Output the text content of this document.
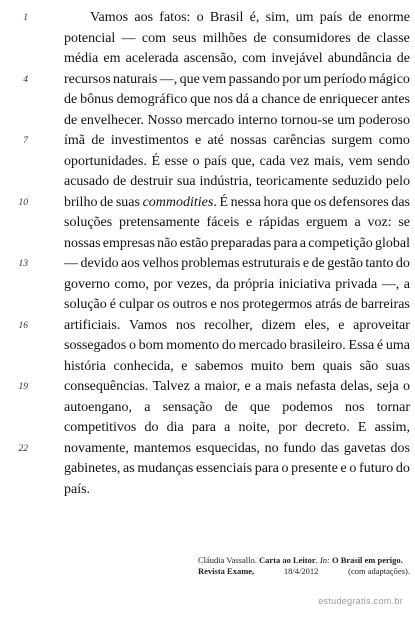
1	Vamos aos fatos: o Brasil é, sim, um país de enorme
potencial — com seus milhões de consumidores de classe
média em acelerada ascensão, com invejável abundância de
4	recursos naturais —, que vem passando por um período mágico
de bônus demográfico que nos dá a chance de enriquecer antes
de envelhecer. Nosso mercado interno tornou-se um poderoso
7	ímã de investimentos e até nossas carências surgem como
oportunidades. É esse o país que, cada vez mais, vem sendo
acusado de destruir sua indústria, teoricamente seduzido pelo
10	brilho de suas commodities. É nessa hora que os defensores das
soluções pretensamente fáceis e rápidas erguem a voz: se
nossas empresas não estão preparadas para a competição global
13	— devido aos velhos problemas estruturais e de gestão tanto do
governo como, por vezes, da própria iniciativa privada —, a
solução é culpar os outros e nos protegermos atrás de barreiras
16	artificiais. Vamos nos recolher, dizem eles, e aproveitar
sossegados o bom momento do mercado brasileiro. Essa é uma
história conhecida, e sabemos muito bem quais são suas
19	consequências. Talvez a maior, e a mais nefasta delas, seja o
autoengano, a sensação de que podemos nos tornar
competitivos do dia para a noite, por decreto. E assim,
22	novamente, mantemos esquecidas, no fundo das gavetas dos
gabinetes, as mudanças essenciais para o presente e o futuro do
país.
Cláudia Vassallo. Carta ao Leitor. In: O Brasil em perigo.
Revista Exame,	18/4/2012	(com adaptações).
estudegratis.com.br
